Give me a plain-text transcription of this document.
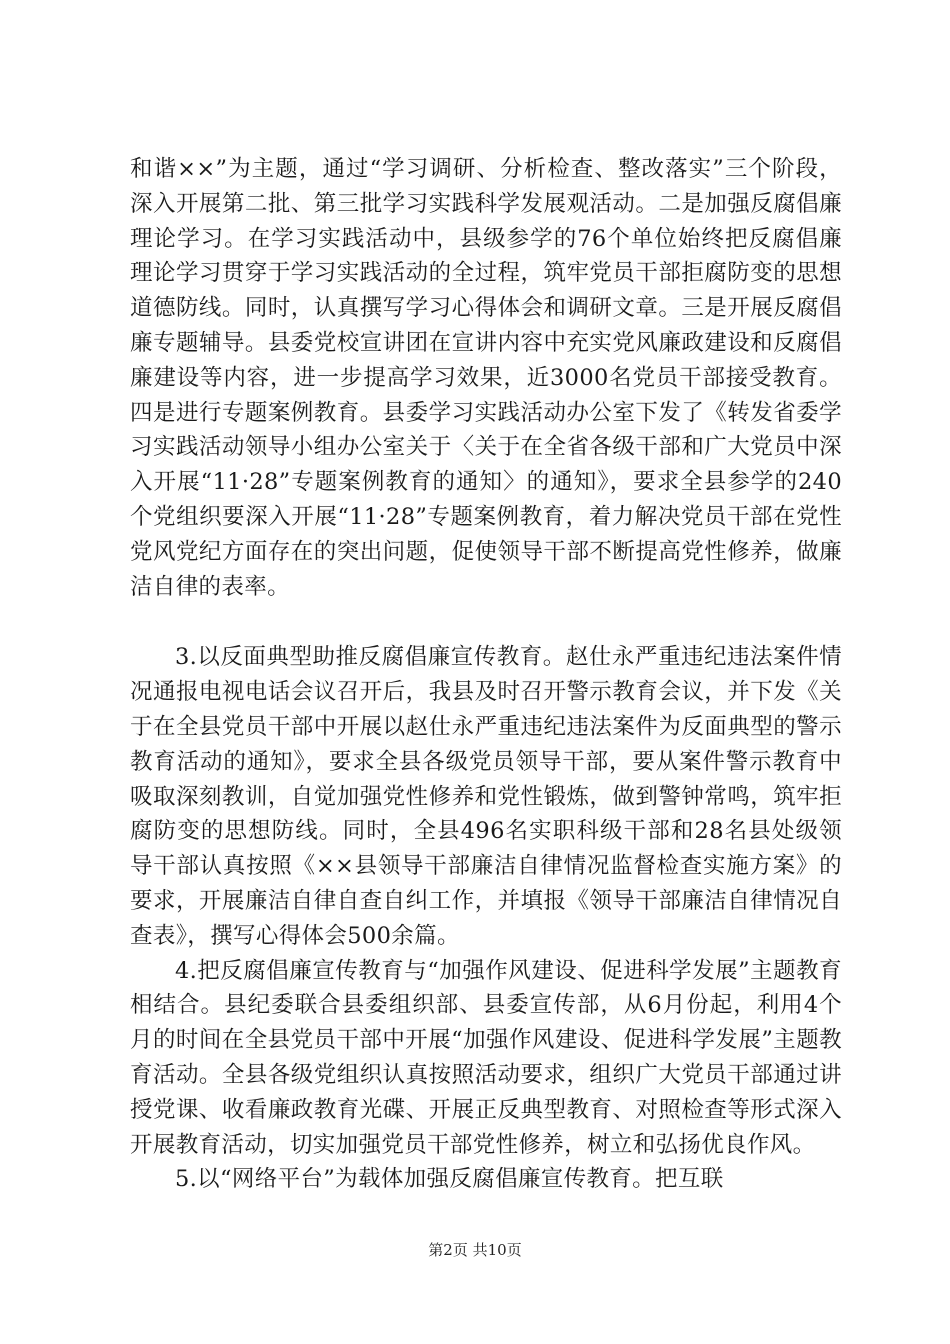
和谐××”为主题，通过“学习调研、分析检查、整改落实”三个阶段，深入开展第二批、第三批学习实践科学发展观活动。二是加强反腐倡廉理论学习。在学习实践活动中，县级参学的76个单位始终把反腐倡廉理论学习贯穿于学习实践活动的全过程，筑牢党员干部拒腐防变的思想道德防线。同时，认真撰写学习心得体会和调研文章。三是开展反腐倡廉专题辅导。县委党校宣讲团在宣讲内容中充实党风廉政建设和反腐倡廉建设等内容，进一步提高学习效果，近3000名党员干部接受教育。四是进行专题案例教育。县委学习实践活动办公室下发了《转发省委学习实践活动领导小组办公室关于〈关于在全省各级干部和广大党员中深入开展“11·28”专题案例教育的通知〉的通知》，要求全县参学的240个党组织要深入开展“11·28”专题案例教育，着力解决党员干部在党性党风党纪方面存在的突出问题，促使领导干部不断提高党性修养，做廉洁自律的表率。

3.以反面典型助推反腐倡廉宣传教育。赵仕永严重违纪违法案件情况通报电视电话会议召开后，我县及时召开警示教育会议，并下发《关于在全县党员干部中开展以赵仕永严重违纪违法案件为反面典型的警示教育活动的通知》，要求全县各级党员领导干部，要从案件警示教育中吸取深刻教训，自觉加强党性修养和党性锻炼，做到警钟常鸣，筑牢拒腐防变的思想防线。同时，全县496名实职科级干部和28名县处级领导干部认真按照《××县领导干部廉洁自律情况监督检查实施方案》的要求，开展廉洁自律自查自纠工作，并填报《领导干部廉洁自律情况自查表》，撰写心得体会500余篇。

4.把反腐倡廉宣传教育与“加强作风建设、促进科学发展”主题教育相结合。县纪委联合县委组织部、县委宣传部，从6月份起，利用4个月的时间在全县党员干部中开展“加强作风建设、促进科学发展”主题教育活动。全县各级党组织认真按照活动要求，组织广大党员干部通过讲授党课、收看廉政教育光碟、开展正反典型教育、对照检查等形式深入开展教育活动，切实加强党员干部党性修养，树立和弘扬优良作风。

5.以“网络平台”为载体加强反腐倡廉宣传教育。把互联

第2页 共10页
